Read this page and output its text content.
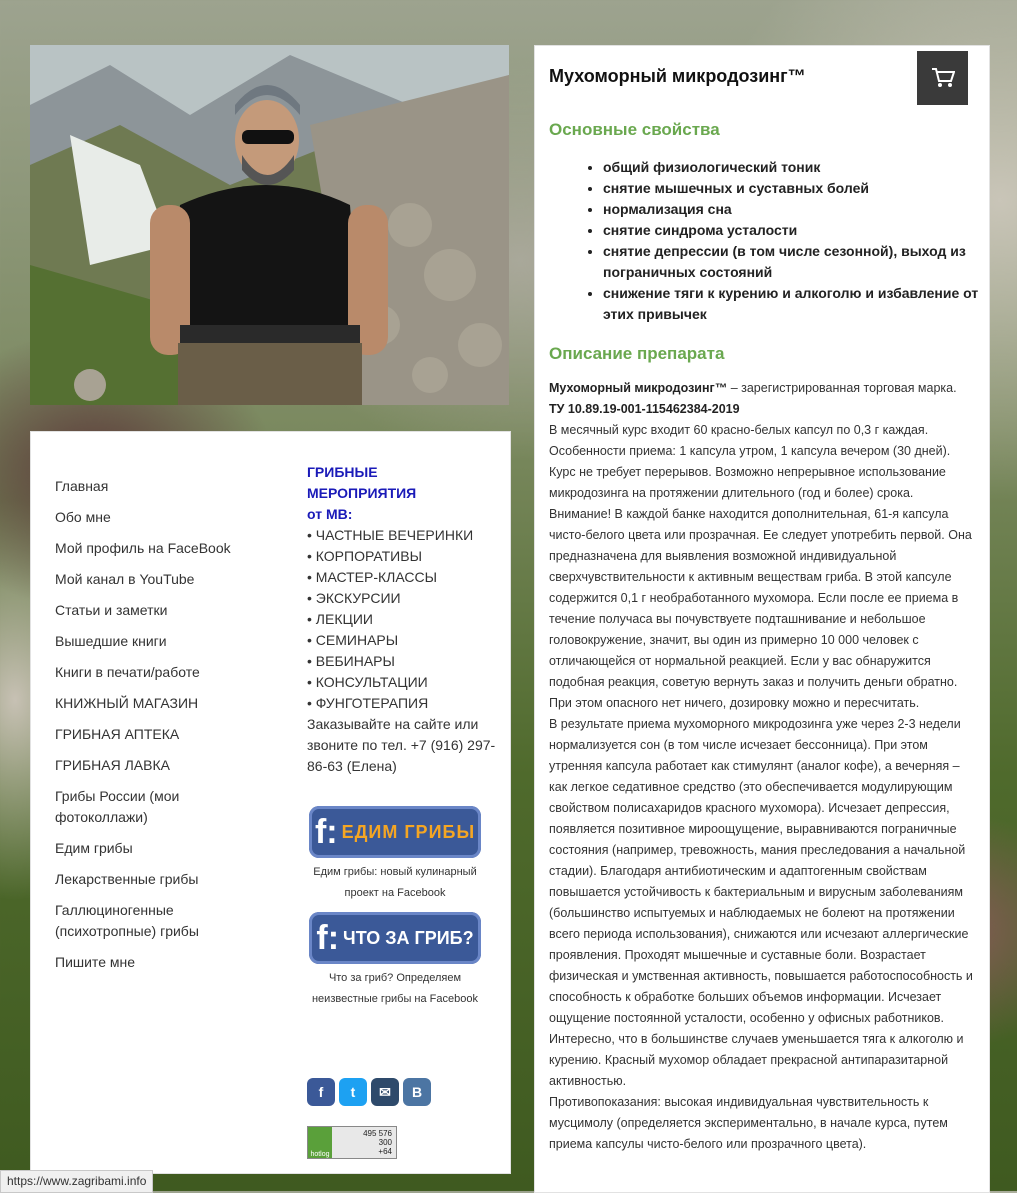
Главная
Обо мне
Мой профиль на FaceBook
Мой канал в YouTube
Статьи и заметки
Вышедшие книги
Книги в печати/работе
КНИЖНЫЙ МАГАЗИН
ГРИБНАЯ АПТЕКА
ГРИБНАЯ ЛАВКА
Грибы России (мои фотоколлажи)
Едим грибы
Лекарственные грибы
Галлюциногенные (психотропные) грибы
Пишите мне
ГРИБНЫЕ
МЕРОПРИЯТИЯ
от МВ:
• ЧАСТНЫЕ ВЕЧЕРИНКИ
• КОРПОРАТИВЫ
• МАСТЕР-КЛАССЫ
• ЭКСКУРСИИ
• ЛЕКЦИИ
• СЕМИНАРЫ
• ВЕБИНАРЫ
• КОНСУЛЬТАЦИИ
• ФУНГОТЕРАПИЯ
Заказывайте на сайте или звоните по тел. +7 (916) 297-86-63 (Елена)
f: ЕДИМ ГРИБЫ
Едим грибы: новый кулинарный проект на Facebook
f: ЧТО ЗА ГРИБ?
Что за гриб? Определяем неизвестные грибы на Facebook
f	t	✉	B
hotlog
495 576
300
+64
Мухоморный микродозинг™
Основные свойства
• общий физиологический тоник
• снятие мышечных и суставных болей
• нормализация сна
• снятие синдрома усталости
• снятие депрессии (в том числе сезонной), выход из пограничных состояний
• снижение тяги к курению и алкоголю и избавление от этих привычек
Описание препарата

Мухоморный микродозинг™ – зарегистрированная торговая марка.

ТУ 10.89.19-001-115462384-2019

В месячный курс входит 60 красно-белых капсул по 0,3 г каждая. Особенности приема: 1 капсула утром, 1 капсула вечером (30 дней). Курс не требует перерывов. Возможно непрерывное использование микродозинга на протяжении длительного (год и более) срока. Внимание! В каждой банке находится дополнительная, 61-я капсула чисто-белого цвета или прозрачная. Ее следует употребить первой. Она предназначена для выявления возможной индивидуальной сверхчувствительности к активным веществам гриба. В этой капсуле содержится 0,1 г необработанного мухомора. Если после ее приема в течение получаса вы почувствуете подташнивание и небольшое головокружение, значит, вы один из примерно 10 000 человек с отличающейся от нормальной реакцией. Если у вас обнаружится подобная реакция, советую вернуть заказ и получить деньги обратно. При этом опасного нет ничего, дозировку можно и пересчитать.

В результате приема мухоморного микродозинга уже через 2-3 недели нормализуется сон (в том числе исчезает бессонница). При этом утренняя капсула работает как стимулянт (аналог кофе), а вечерняя – как легкое седативное средство (это обеспечивается модулирующим свойством полисахаридов красного мухомора). Исчезает депрессия, появляется позитивное мироощущение, выравниваются пограничные состояния (например, тревожность, мания преследования а начальной стадии). Благодаря антибиотическим и адаптогенным свойствам повышается устойчивость к бактериальным и вирусным заболеваниям (большинство испытуемых и наблюдаемых не болеют на протяжении всего периода использования), снижаются или исчезают аллергические проявления. Проходят мышечные и суставные боли. Возрастает физическая и умственная активность, повышается работоспособность и способность к обработке больших объемов информации. Исчезает ощущение постоянной усталости, особенно у офисных работников. Интересно, что в большинстве случаев уменьшается тяга к алкоголю и курению. Красный мухомор обладает прекрасной антипаразитарной активностью.

Противопоказания: высокая индивидуальная чувствительность к мусцимолу (определяется экспериментально, в начале курса, путем приема капсулы чисто-белого или прозрачного цвета).

https://www.zagribami.info
